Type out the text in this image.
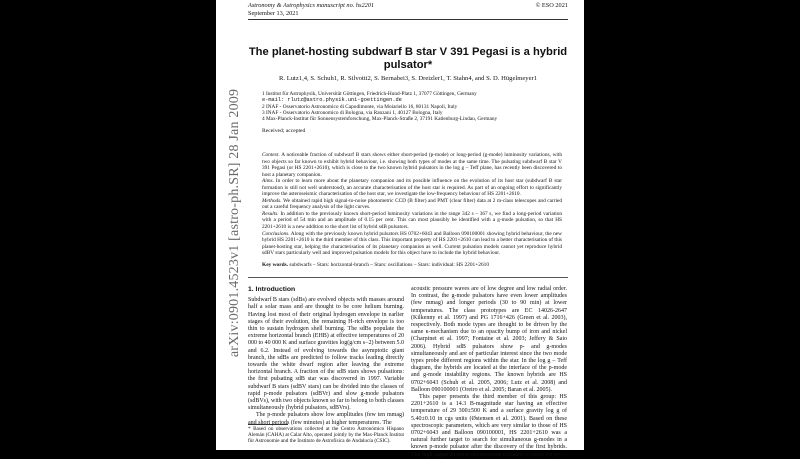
arXiv:0901.4523v1 [astro-ph.SR] 28 Jan 2009
Astronomy & Astrophysics manuscript no. hs2201
September 13, 2021
© ESO 2021
The planet-hosting subdwarf B star V 391 Pegasi is a hybrid pulsator*
R. Lutz1,4, S. Schuh1, R. Silvotti2, S. Bernabei3, S. Dreizler1, T. Stahn4, and S. D. Hügelmeyer1
1 Institut für Astrophysik, Universität Göttingen, Friedrich-Hund-Platz 1, 37077 Göttingen, Germany
e-mail: rlutz@astro.physik.uni-goettingen.de
2 INAF - Osservatorio Astronomico di Capodimonte, via Moiariello 16, 80131 Napoli, Italy
3 INAF - Osservatorio Astronomico di Bologna, via Ranzani 1, 40127 Bologna, Italy
4 Max-Planck-Institut für Sonnensystemforschung, Max-Planck-Straße 2, 37191 Katlenburg-Lindau, Germany
Received; accepted

Context. A noticeable fraction of subdwarf B stars shows either short-period (p-mode) or long-period (g-mode) luminosity variations, with two objects so far known to exhibit hybrid behaviour, i.e. showing both types of modes at the same time. The pulsating subdwarf B star V 391 Pegasi (or HS 2201+2610), which is close to the two known hybrid pulsators in the log g – Teff plane, has recently been discovered to host a planetary companion.

Aims. In order to learn more about the planetary companion and its possible influence on the evolution of its host star (subdwarf B star formation is still not well understood), an accurate characterisation of the host star is required. As part of an ongoing effort to significantly improve the asteroseismic characterisation of the host star, we investigate the low-frequency behaviour of HS 2201+2610.

Methods. We obtained rapid high signal-to-noise photometric CCD (B filter) and PMT (clear filter) data at 2 m-class telescopes and carried out a careful frequency analysis of the light curves.

Results. In addition to the previously known short-period luminosity variations in the range 342 s – 367 s, we find a long-period variation with a period of 54 min and an amplitude of 0.15 per cent. This can most plausibly be identified with a g-mode pulsation, so that HS 2201+2610 is a new addition to the short list of hybrid sdB pulsators.

Conclusions. Along with the previously known hybrid pulsators HS 0702+6043 and Balloon 090100001 showing hybrid behaviour, the new hybrid HS 2201+2610 is the third member of this class. This important property of HS 2201+2610 can lead to a better characterisation of this planet-hosting star, helping the characterisation of its planetary companion as well. Current pulsation models cannot yet reproduce hybrid sdBV stars particularly well and improved pulsation models for this object have to include the hybrid behaviour.

Key words. subdwarfs – Stars: horizontal-branch – Stars: oscillations – Stars: individual: HS 2201+2610
1. Introduction

Subdwarf B stars (sdBs) are evolved objects with masses around half a solar mass and are thought to be core helium burning. Having lost most of their original hydrogen envelope in earlier stages of their evolution, the remaining H-rich envelope is too thin to sustain hydrogen shell burning. The sdBs populate the extreme horizontal branch (EHB) at effective temperatures of 20 000 to 40 000 K and surface gravities log(g/cm s−2) between 5.0 and 6.2. Instead of evolving towards the asymptotic giant branch, the sdBs are predicted to follow tracks leading directly towards the white dwarf region after leaving the extreme horizontal branch. A fraction of the sdB stars shows pulsations: the first pulsating sdB star was discovered in 1997. Variable subdwarf B stars (sdBV stars) can be divided into the classes of rapid p-mode pulsators (sdBVr) and slow g-mode pulsators (sdBVs), with two objects known so far to belong to both classes simultaneously (hybrid pulsators, sdBVrs).

The p-mode pulsators show low amplitudes (few ten mmag) and short periods (few minutes) at higher temperatures. The

acoustic pressure waves are of low degree and low radial order. In contrast, the g-mode pulsators have even lower amplitudes (few mmag) and longer periods (30 to 90 min) at lower temperatures. The class prototypes are EC 14026-2647 (Kilkenny et al. 1997) and PG 1716+426 (Green et al. 2003), respectively. Both mode types are thought to be driven by the same κ-mechanism due to an opacity bump of iron and nickel (Charpinet et al. 1997; Fontaine et al. 2003; Jeffery & Saio 2006). Hybrid sdB pulsators show p- and g-modes simultaneously and are of particular interest since the two mode types probe different regions within the star. In the log g – Teff diagram, the hybrids are located at the interface of the p-mode and g-mode instability regions. The known hybrids are HS 0702+6043 (Schuh et al. 2005, 2006; Lutz et al. 2008) and Balloon 090100001 (Oreiro et al. 2005; Baran et al. 2005).

This paper presents the third member of this group: HS 2201+2610 is a 14.3 B-magnitude star having an effective temperature of 29 300±500 K and a surface gravity log g of 5.40±0.10 in cgs units (Østensen et al. 2001). Based on these spectroscopic parameters, which are very similar to those of HS 0702+6043 and Balloon 090100001, HS 2201+2610 was a natural further target to search for simultaneous g-modes in a known p-mode pulsator after the discovery of the first hybrids. The high signal-to-noise observations initiated to check for hy-

* Based on observations collected at the Centro Astronómico Hispano Alemán (CAHA) at Calar Alto, operated jointly by the Max-Planck Institut für Astronomie and the Instituto de Astrofísica de Andalucía (CSIC).
